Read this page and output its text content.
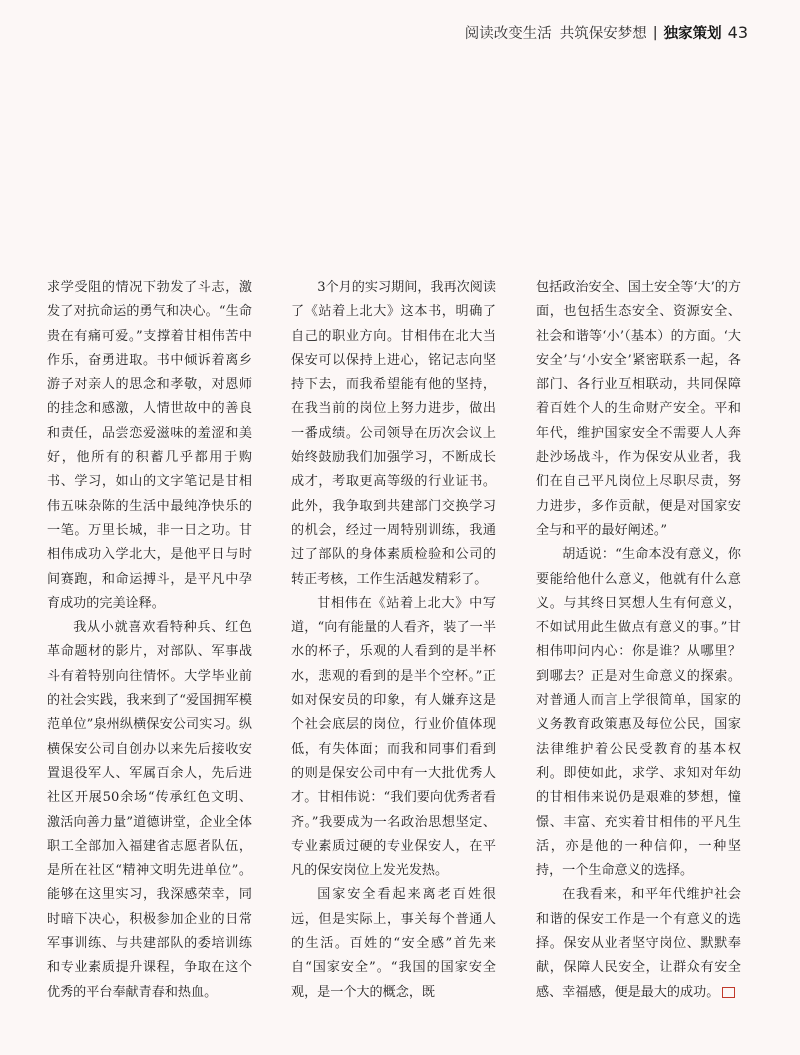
阅读改变生活 共筑保安梦想 | 独家策划 43

求学受阻的情况下勃发了斗志，激发了对抗命运的勇气和决心。“生命贵在有痛可爱。”支撑着甘相伟苦中作乐，奋勇进取。书中倾诉着离乡游子对亲人的思念和孝敬，对恩师的挂念和感激，人情世故中的善良和责任，品尝恋爱滋味的羞涩和美好，他所有的积蓄几乎都用于购书、学习，如山的文字笔记是甘相伟五味杂陈的生活中最纯净快乐的一笔。万里长城，非一日之功。甘相伟成功入学北大，是他平日与时间赛跑，和命运搏斗，是平凡中孕育成功的完美诠释。

我从小就喜欢看特种兵、红色革命题材的影片，对部队、军事战斗有着特别向往情怀。大学毕业前的社会实践，我来到了“爱国拥军模范单位”泉州纵横保安公司实习。纵横保安公司自创办以来先后接收安置退役军人、军属百余人，先后进社区开展50余场“传承红色文明、激活向善力量”道德讲堂，企业全体职工全部加入福建省志愿者队伍，是所在社区“精神文明先进单位”。能够在这里实习，我深感荣幸，同时暗下决心，积极参加企业的日常军事训练、与共建部队的委培训练和专业素质提升课程，争取在这个优秀的平台奉献青春和热血。

3个月的实习期间，我再次阅读了《站着上北大》这本书，明确了自己的职业方向。甘相伟在北大当保安可以保持上进心，铭记志向坚持下去，而我希望能有他的坚持，在我当前的岗位上努力进步，做出一番成绩。公司领导在历次会议上始终鼓励我们加强学习，不断成长成才，考取更高等级的行业证书。此外，我争取到共建部门交换学习的机会，经过一周特别训练，我通过了部队的身体素质检验和公司的转正考核，工作生活越发精彩了。

甘相伟在《站着上北大》中写道，“向有能量的人看齐，装了一半水的杯子，乐观的人看到的是半杯水，悲观的看到的是半个空杯。”正如对保安员的印象，有人嫌弃这是个社会底层的岗位，行业价值体现低，有失体面；而我和同事们看到的则是保安公司中有一大批优秀人才。甘相伟说：“我们要向优秀者看齐。”我要成为一名政治思想坚定、专业素质过硬的专业保安人，在平凡的保安岗位上发光发热。

国家安全看起来离老百姓很远，但是实际上，事关每个普通人的生活。百姓的“安全感”首先来自“国家安全”。“我国的国家安全观，是一个大的概念，既

包括政治安全、国土安全等‘大’的方面，也包括生态安全、资源安全、社会和谐等‘小’（基本）的方面。‘大安全’与‘小安全’紧密联系一起，各部门、各行业互相联动，共同保障着百姓个人的生命财产安全。平和年代，维护国家安全不需要人人奔赴沙场战斗，作为保安从业者，我们在自己平凡岗位上尽职尽责，努力进步，多作贡献，便是对国家安全与和平的最好阐述。”

胡适说：“生命本没有意义，你要能给他什么意义，他就有什么意义。与其终日冥想人生有何意义，不如试用此生做点有意义的事。”甘相伟叩问内心：你是谁？从哪里？到哪去？正是对生命意义的探索。对普通人而言上学很简单，国家的义务教育政策惠及每位公民，国家法律维护着公民受教育的基本权利。即使如此，求学、求知对年幼的甘相伟来说仍是艰难的梦想，憧憬、丰富、充实着甘相伟的平凡生活，亦是他的一种信仰，一种坚持，一个生命意义的选择。

在我看来，和平年代维护社会和谐的保安工作是一个有意义的选择。保安从业者坚守岗位、默默奉献，保障人民安全，让群众有安全感、幸福感，便是最大的成功。
